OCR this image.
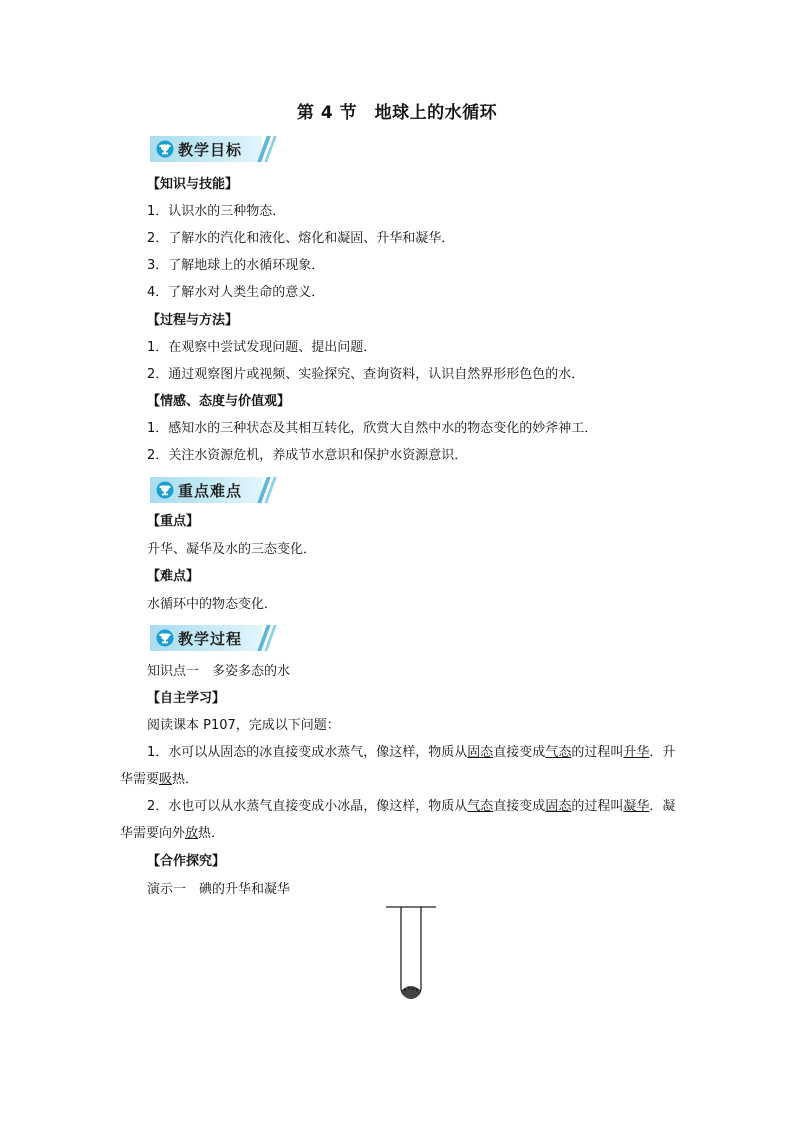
第 4 节　地球上的水循环
教学目标
【知识与技能】
1．认识水的三种物态．
2．了解水的汽化和液化、熔化和凝固、升华和凝华．
3．了解地球上的水循环现象．
4．了解水对人类生命的意义．
【过程与方法】
1．在观察中尝试发现问题、提出问题．
2．通过观察图片或视频、实验探究、查询资料，认识自然界形形色色的水．
【情感、态度与价值观】
1．感知水的三种状态及其相互转化，欣赏大自然中水的物态变化的妙斧神工．
2．关注水资源危机，养成节水意识和保护水资源意识．
重点难点
【重点】
升华、凝华及水的三态变化．
【难点】
水循环中的物态变化．
教学过程
知识点一　多姿多态的水
【自主学习】
阅读课本 P107，完成以下问题：

1．水可以从固态的冰直接变成水蒸气，像这样，物质从固态直接变成气态的过程叫升华．升华需要吸热．

2．水也可以从水蒸气直接变成小冰晶，像这样，物质从气态直接变成固态的过程叫凝华．凝华需要向外放热．

【合作探究】
演示一　碘的升华和凝华
